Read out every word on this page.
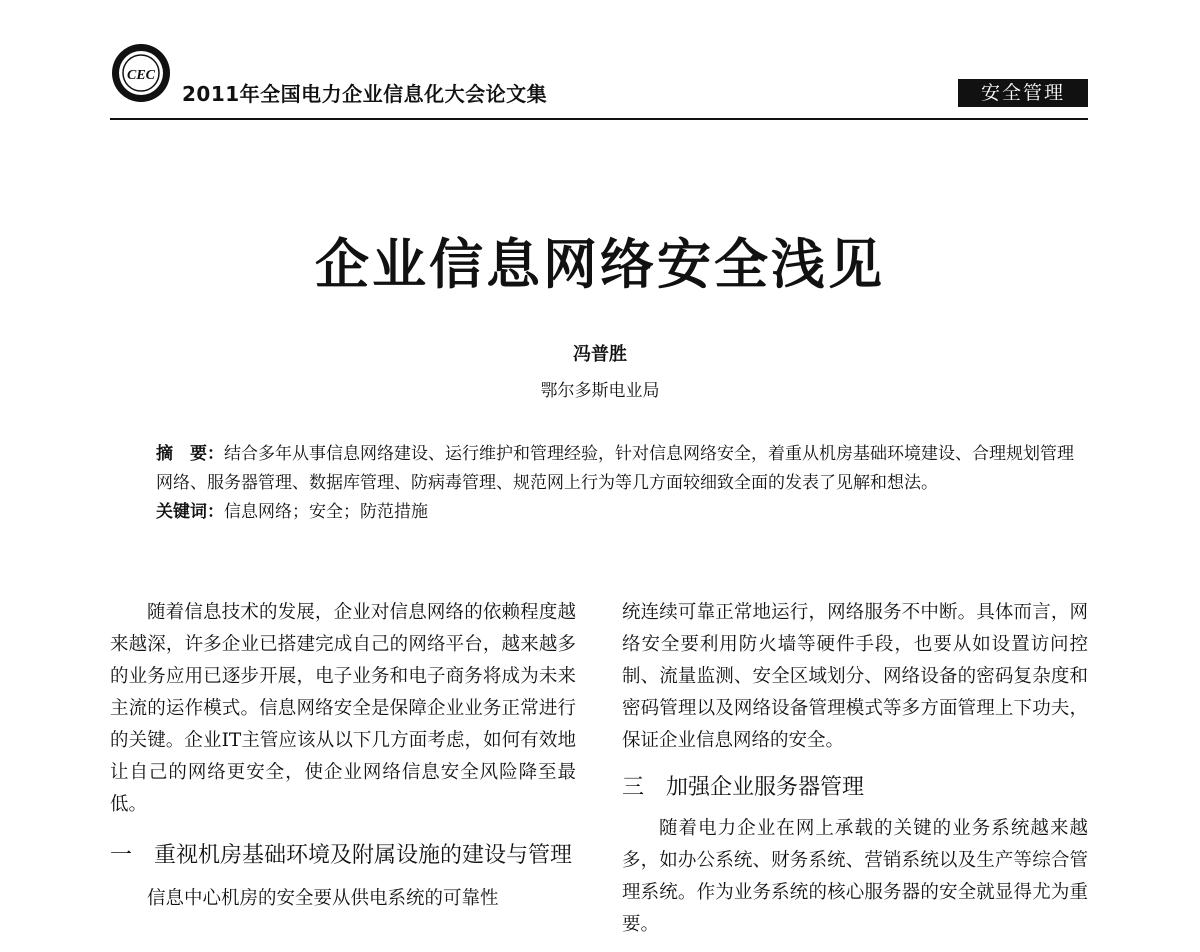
CEC
2011年全国电力企业信息化大会论文集	安全管理
企业信息网络安全浅见
冯普胜
鄂尔多斯电业局

摘　要：结合多年从事信息网络建设、运行维护和管理经验，针对信息网络安全，着重从机房基础环境建设、合理规划管理网络、服务器管理、数据库管理、防病毒管理、规范网上行为等几方面较细致全面的发表了见解和想法。

关键词：信息网络；安全；防范措施

随着信息技术的发展，企业对信息网络的依赖程度越来越深，许多企业已搭建完成自己的网络平台，越来越多的业务应用已逐步开展，电子业务和电子商务将成为未来主流的运作模式。信息网络安全是保障企业业务正常进行的关键。企业IT主管应该从以下几方面考虑，如何有效地让自己的网络更安全，使企业网络信息安全风险降至最低。

一　重视机房基础环境及附属设施的建设与管理

信息中心机房的安全要从供电系统的可靠性

统连续可靠正常地运行，网络服务不中断。具体而言，网络安全要利用防火墙等硬件手段，也要从如设置访问控制、流量监测、安全区域划分、网络设备的密码复杂度和密码管理以及网络设备管理模式等多方面管理上下功夫，保证企业信息网络的安全。

三　加强企业服务器管理

随着电力企业在网上承载的关键的业务系统越来越多，如办公系统、财务系统、营销系统以及生产等综合管理系统。作为业务系统的核心服务器的安全就显得尤为重要。
